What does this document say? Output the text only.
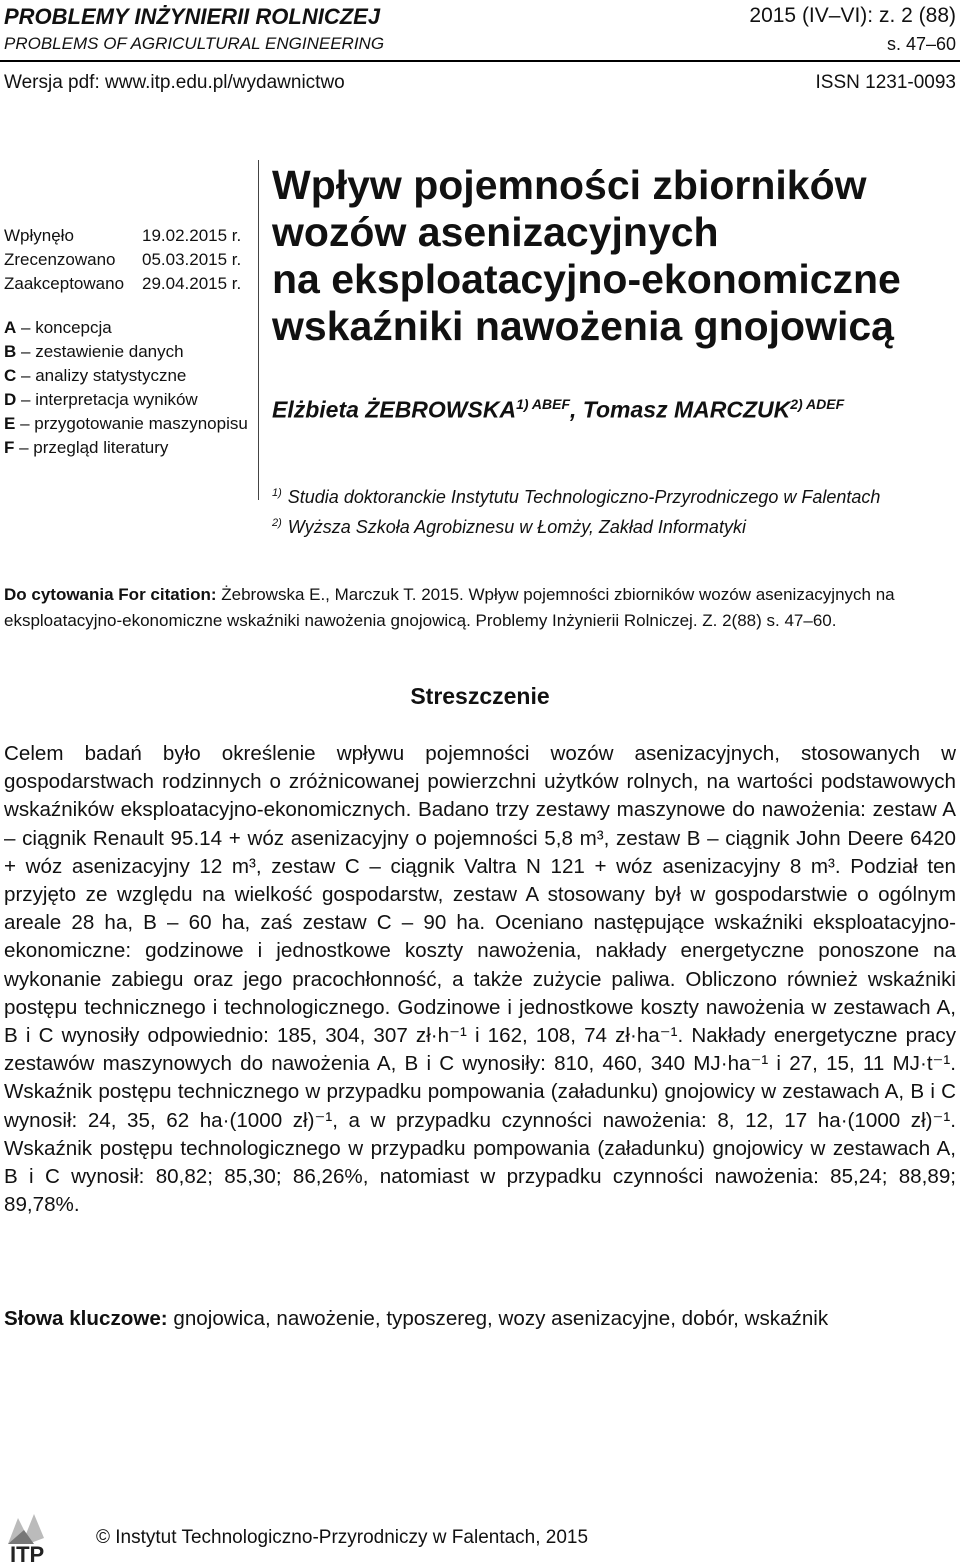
PROBLEMY INŻYNIERII ROLNICZEJ
PROBLEMS OF AGRICULTURAL ENGINEERING
2015 (IV–VI): z. 2 (88)
s. 47–60
Wersja pdf: www.itp.edu.pl/wydawnictwo	ISSN 1231-0093
Wpłynęło	19.02.2015 r.
Zrecenzowano	05.03.2015 r.
Zaakceptowano	29.04.2015 r.
A – koncepcja
B – zestawienie danych
C – analizy statystyczne
D – interpretacja wyników
E – przygotowanie maszynopisu
F – przegląd literatury
Wpływ pojemności zbiorników
wozów asenizacyjnych
na eksploatacyjno-ekonomiczne
wskaźniki nawożenia gnojowicą
Elżbieta $ŻEBROWSKA^{1) ABEF}$, Tomasz $MARCZUK^{2) ADEF}$
$^{1)}$ Studia doktoranckie Instytutu Technologiczno-Przyrodniczego w Falentach
$^{2)}$ Wyższa Szkoła Agrobiznesu w Łomży, Zakład Informatyki
Do cytowania For citation: Żebrowska E., Marczuk T. 2015. Wpływ pojemności zbiorników wozów asenizacyjnych na eksploatacyjno-ekonomiczne wskaźniki nawożenia gnojowicą. Problemy Inżynierii Rolniczej. Z. 2(88) s. 47–60.
Streszczenie
Celem badań było określenie wpływu pojemności wozów asenizacyjnych, stosowanych w gospodarstwach rodzinnych o zróżnicowanej powierzchni użytków rolnych, na wartości podstawowych wskaźników eksploatacyjno-ekonomicznych. Badano trzy zestawy maszynowe do nawożenia: zestaw A – ciągnik Renault 95.14 + wóz asenizacyjny o pojemności 5,8 m³, zestaw B – ciągnik John Deere 6420 + wóz asenizacyjny 12 m³, zestaw C – ciągnik Valtra N 121 + wóz asenizacyjny 8 m³. Podział ten przyjęto ze względu na wielkość gospodarstw, zestaw A stosowany był w gospodarstwie o ogólnym areale 28 ha, B – 60 ha, zaś zestaw C – 90 ha. Oceniano następujące wskaźniki eksploatacyjno-ekonomiczne: godzinowe i jednostkowe koszty nawożenia, nakłady energetyczne ponoszone na wykonanie zabiegu oraz jego pracochłonność, a także zużycie paliwa. Obliczono również wskaźniki postępu technicznego i technologicznego. Godzinowe i jednostkowe koszty nawożenia w zestawach A, B i C wynosiły odpowiednio: 185, 304, 307 zł·h⁻¹ i 162, 108, 74 zł·ha⁻¹. Nakłady energetyczne pracy zestawów maszynowych do nawożenia A, B i C wynosiły: 810, 460, 340 MJ·ha⁻¹ i 27, 15, 11 MJ·t⁻¹. Wskaźnik postępu technicznego w przypadku pompowania (załadunku) gnojowicy w zestawach A, B i C wynosił: 24, 35, 62 ha·(1000 zł)⁻¹, a w przypadku czynności nawożenia: 8, 12, 17 ha·(1000 zł)⁻¹. Wskaźnik postępu technologicznego w przypadku pompowania (załadunku) gnojowicy w zestawach A, B i C wynosił: 80,82; 85,30; 86,26%, natomiast w przypadku czynności nawożenia: 85,24; 88,89; 89,78%.
Słowa kluczowe: gnojowica, nawożenie, typoszereg, wozy asenizacyjne, dobór, wskaźnik
ITP
© Instytut Technologiczno-Przyrodniczy w Falentach, 2015
